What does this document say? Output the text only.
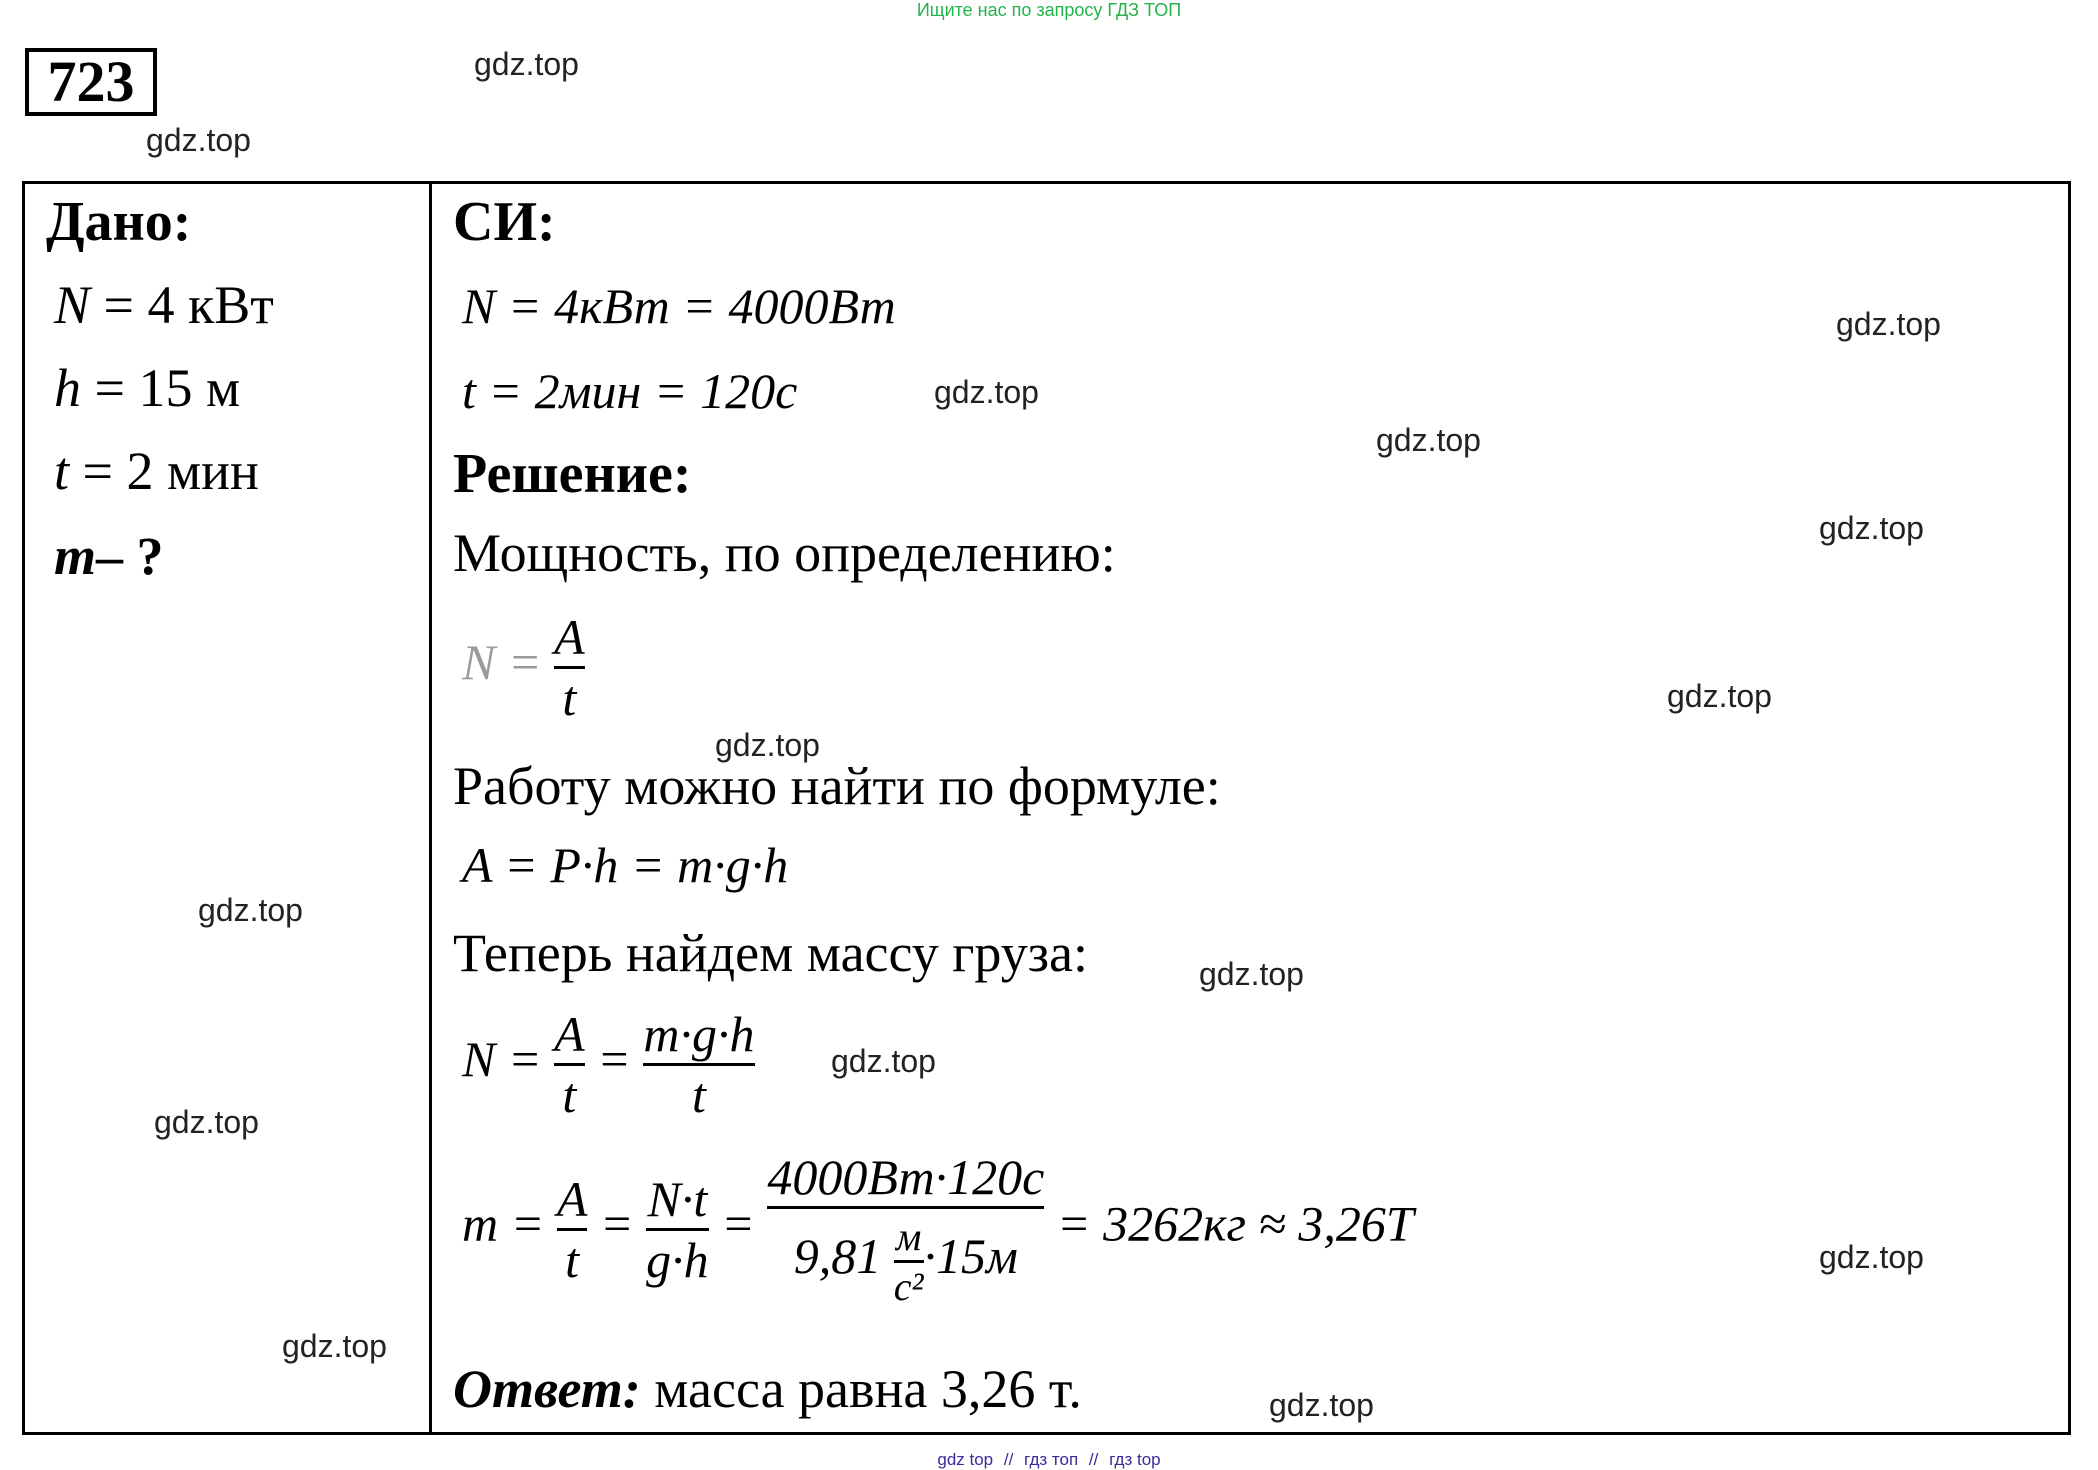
Ищите нас по запросу ГДЗ ТОП
723
Дано:
N = 4 кВт
h = 15 м
t = 2 мин
m– ?
СИ:
N = 4кВт = 4000Вт
t = 2мин = 120с
Решение:
Мощность, по определению:
$N = \frac{A}{t}$
Работу можно найти по формуле:
A = P·h = m·g·h
Теперь найдем массу груза:
$N = \frac{A}{t} = \frac{m\cdot g\cdot h}{t}$
$m = \frac{A}{t} = \frac{N\cdot t}{g\cdot h} = \frac{4000Вт\cdot 120с}{9,81 \frac{м}{\text{с²}} \cdot 15м} = 3262кг \approx 3,26Т$
Ответ: масса равна 3,26 т.
gdz.top
gdz.top
gdz.top
gdz.top
gdz.top
gdz.top
gdz.top
gdz.top
gdz.top
gdz.top
gdz.top
gdz.top
gdz.top
gdz.top
gdz.top
gdz top // гдз топ // гдз top
